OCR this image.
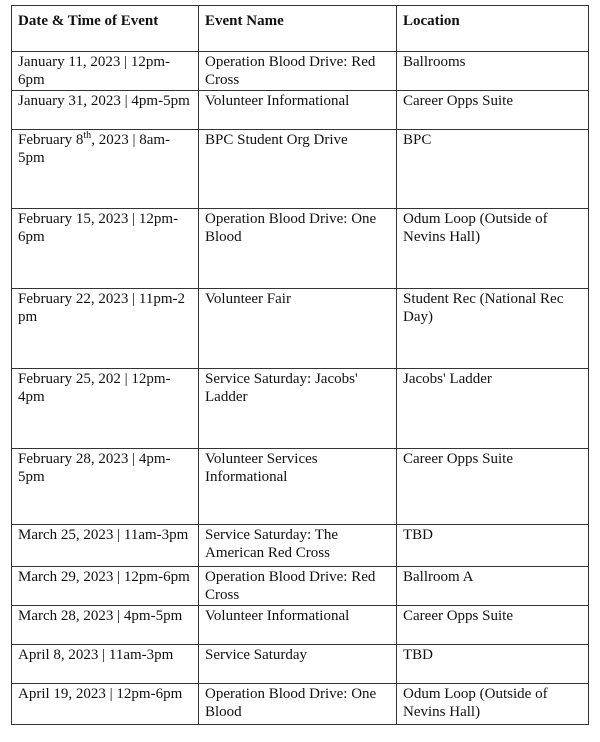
Date & Time of Event	Event Name	Location
January 11, 2023 | 12pm-6pm	Operation Blood Drive: Red Cross	Ballrooms
January 31, 2023 | 4pm-5pm	Volunteer Informational	Career Opps Suite
February 8th, 2023 | 8am-5pm	BPC Student Org Drive	BPC
February 15, 2023 | 12pm- 6pm	Operation Blood Drive: One Blood	Odum Loop (Outside of Nevins Hall)
February 22, 2023 | 11pm-2 pm	Volunteer Fair	Student Rec (National Rec Day)
February 25, 202 | 12pm-4pm	Service Saturday: Jacobs' Ladder	Jacobs' Ladder
February 28, 2023 | 4pm-5pm	Volunteer Services Informational	Career Opps Suite
March 25, 2023 | 11am-3pm	Service Saturday: The American Red Cross	TBD
March 29, 2023 | 12pm-6pm	Operation Blood Drive: Red Cross	Ballroom A
March 28, 2023 | 4pm-5pm	Volunteer Informational	Career Opps Suite
April 8, 2023 | 11am-3pm	Service Saturday	TBD
April 19, 2023 | 12pm-6pm	Operation Blood Drive: One Blood	Odum Loop (Outside of Nevins Hall)
